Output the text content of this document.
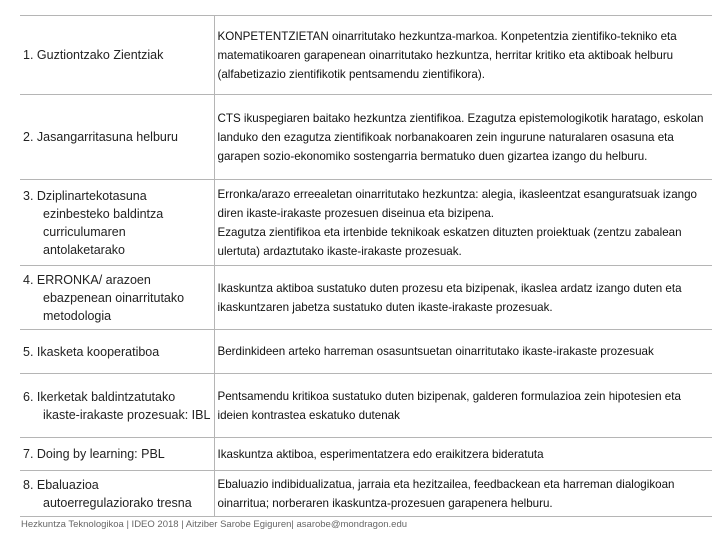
1. Guztiontzako Zientziak	KONPETENTZIETAN oinarritutako hezkuntza-markoa. Konpetentzia zientifiko-tekniko eta matematikoaren garapenean oinarritutako hezkuntza, herritar kritiko eta aktiboak helburu (alfabetizazio zientifikotik pentsamendu zientifikora).

2. Jasangarritasuna helburu	CTS ikuspegiaren baitako hezkuntza zientifikoa. Ezagutza epistemologikotik haratago, eskolan landuko den ezagutza zientifikoak norbanakoaren zein ingurune naturalaren osasuna eta garapen sozio-ekonomiko sostengarria bermatuko duen gizartea izango du helburu.

3. Dziplinartekotasuna
ezinbesteko baldintza curriculumaren antolaketarako	Erronka/arazo erreealetan oinarritutako hezkuntza: alegia, ikasleentzat esanguratsuak izango diren ikaste-irakaste prozesuen diseinua eta bizipena.
Ezagutza zientifikoa eta irtenbide teknikoak eskatzen dituzten proiektuak (zentzu zabalean ulertuta) ardaztutako ikaste-irakaste prozesuak.

4. ERRONKA/ arazoen
ebazpenean oinarritutako metodologia	Ikaskuntza aktiboa sustatuko duten prozesu eta bizipenak, ikaslea ardatz izango duten eta ikaskuntzaren jabetza sustatuko duten ikaste-irakaste prozesuak.

5. Ikasketa kooperatiboa	Berdinkideen arteko harreman osasuntsuetan oinarritutako ikaste-irakaste prozesuak

6. Ikerketak baldintzatutako
ikaste-irakaste prozesuak: IBL	Pentsamendu kritikoa sustatuko duten bizipenak, galderen formulazioa zein hipotesien eta ideien kontrastea eskatuko dutenak

7. Doing by learning: PBL	Ikaskuntza aktiboa, esperimentatzera edo eraikitzera bideratuta

8. Ebaluazioa
autoerregulaziorako tresna	Ebaluazio indibidualizatua, jarraia eta hezitzailea, feedbackean eta harreman dialogikoan oinarritua; norberaren ikaskuntza-prozesuen garapenera helburu.
Hezkuntza Teknologikoa | IDEO 2018 | Aitziber Sarobe Egiguren| asarobe@mondragon.edu
